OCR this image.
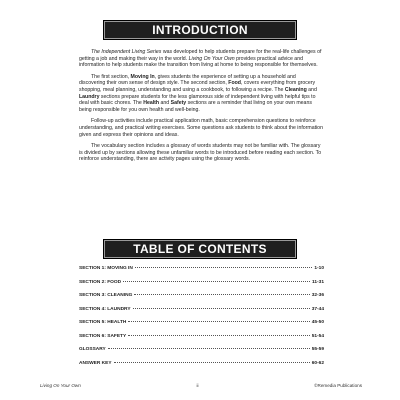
INTRODUCTION

The Independent Living Series was developed to help students prepare for the real-life challenges of getting a job and making their way in the world. Living On Your Own provides practical advice and information to help students make the transition from living at home to being responsible for themselves.

The first section, Moving In, gives students the experience of setting up a household and discovering their own sense of design style. The second section, Food, covers everything from grocery shopping, meal planning, understanding and using a cookbook, to following a recipe. The Cleaning and Laundry sections prepare students for the less glamorous side of independent living with helpful tips to deal with basic chores. The Health and Safety sections are a reminder that living on your own means being responsible for you own health and well-being.

Follow-up activities include practical application math, basic comprehension questions to reinforce understanding, and practical writing exercises. Some questions ask students to think about the information given and express their opinions and ideas.

The vocabulary section includes a glossary of words students may not be familiar with. The glossary is divided up by sections allowing these unfamiliar words to be introduced before reading each section. To reinforce understanding, there are activity pages using the glossary words.

TABLE OF CONTENTS
SECTION 1: MOVING IN	1-10
SECTION 2: FOOD	11-31
SECTION 3: CLEANING	32-36
SECTION 4: LAUNDRY	37-44
SECTION 5: HEALTH	45-50
SECTION 6: SAFETY	51-54
GLOSSARY	55-59
ANSWER KEY	60-62
Living On Your Own	ii	©Remedia Publications
